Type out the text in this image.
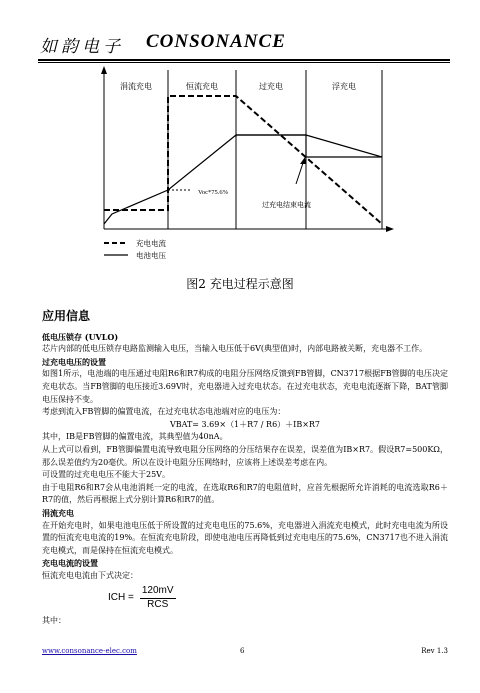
如韵电子 CONSONANCE
涓流充电	恒流充电	过充电	浮充电
Voc*75.6%
过充电结束电流
充电电流
电池电压
图2 充电过程示意图

应用信息

低电压锁存 (UVLO)

芯片内部的低电压锁存电路监测输入电压，当输入电压低于6V(典型值)时，内部电路被关断，充电器不工作。

过充电电压的设置

如图1所示，电池端的电压通过电阻R6和R7构成的电阻分压网络反馈到FB管脚，CN3717根据FB管脚的电压决定充电状态。当FB管脚的电压接近3.69V时，充电器进入过充电状态。在过充电状态，充电电流逐渐下降，BAT管脚电压保持不变。

考虑到流入FB管脚的偏置电流，在过充电状态电池端对应的电压为：

VBAT= 3.69×（1＋R7 / R6）＋IB×R7

其中，IB是FB管脚的偏置电流，其典型值为40nA。

从上式可以看到，FB管脚偏置电流导致电阻分压网络的分压结果存在误差，误差值为IB×R7。假设R7=500KΩ，那么误差值约为20毫伏。所以在设计电阻分压网络时，应该将上述误差考虑在内。

可设置的过充电电压不能大于25V。

由于电阻R6和R7会从电池消耗一定的电流，在选取R6和R7的电阻值时，应首先根据所允许消耗的电流选取R6＋R7的值，然后再根据上式分别计算R6和R7的值。

涓流充电

在开始充电时，如果电池电压低于所设置的过充电电压的75.6%，充电器进入涓流充电模式，此时充电电流为所设置的恒流充电电流的19%。在恒流充电阶段，即使电池电压再降低到过充电电压的75.6%，CN3717也不进入涓流充电模式，而是保持在恒流充电模式。

充电电流的设置

恒流充电电流由下式决定：

ICH = $\frac{120mV}{\text{RCS}}$

其中：

www.consonance-elec.com	6	Rev 1.3
